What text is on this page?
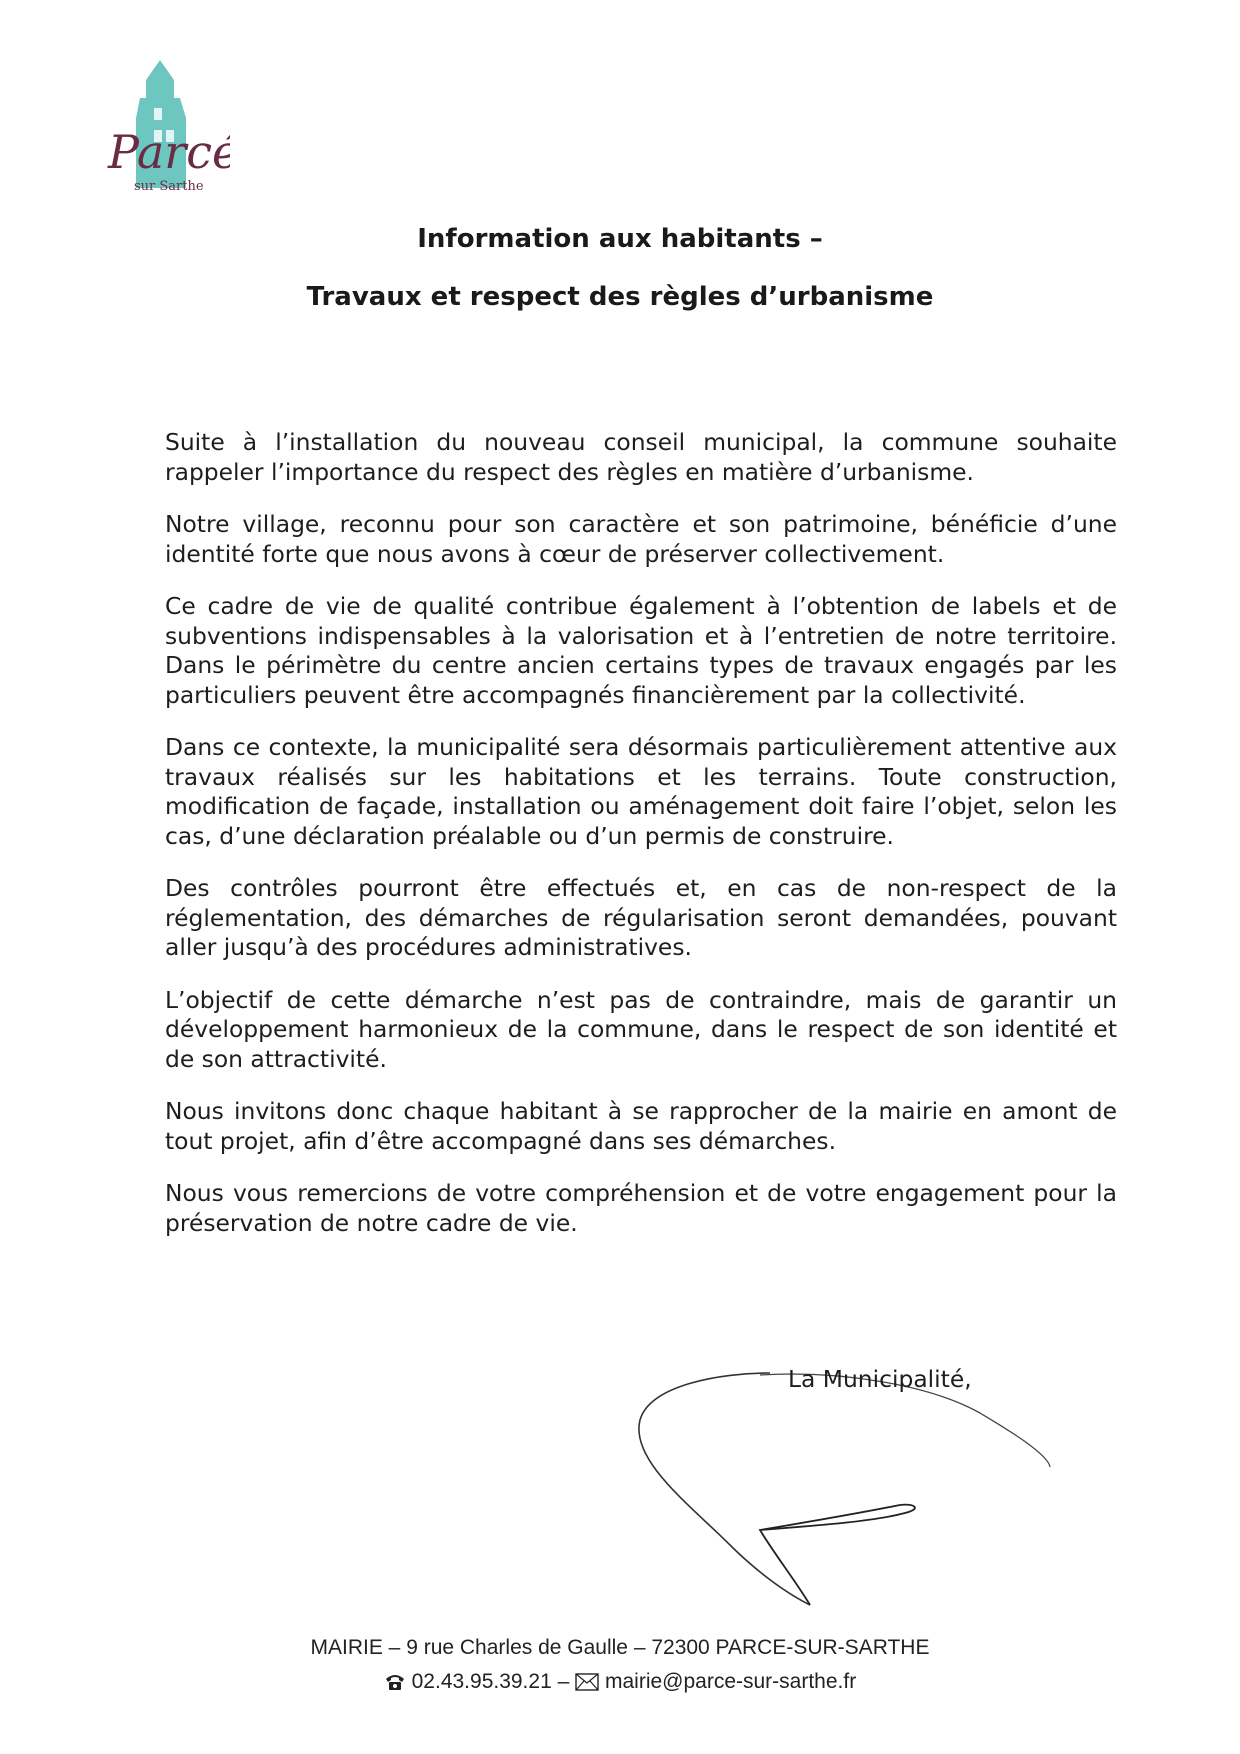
Parcé
sur Sarthe
Information aux habitants –
Travaux et respect des règles d’urbanisme

Suite à l’installation du nouveau conseil municipal, la commune souhaite rappeler l’importance du respect des règles en matière d’urbanisme.

Notre village, reconnu pour son caractère et son patrimoine, bénéficie d’une identité forte que nous avons à cœur de préserver collectivement.

Ce cadre de vie de qualité contribue également à l’obtention de labels et de subventions indispensables à la valorisation et à l’entretien de notre territoire. Dans le périmètre du centre ancien certains types de travaux engagés par les particuliers peuvent être accompagnés financièrement par la collectivité.

Dans ce contexte, la municipalité sera désormais particulièrement attentive aux travaux réalisés sur les habitations et les terrains. Toute construction, modification de façade, installation ou aménagement doit faire l’objet, selon les cas, d’une déclaration préalable ou d’un permis de construire.

Des contrôles pourront être effectués et, en cas de non-respect de la réglementation, des démarches de régularisation seront demandées, pouvant aller jusqu’à des procédures administratives.

L’objectif de cette démarche n’est pas de contraindre, mais de garantir un développement harmonieux de la commune, dans le respect de son identité et de son attractivité.

Nous invitons donc chaque habitant à se rapprocher de la mairie en amont de tout projet, afin d’être accompagné dans ses démarches.

Nous vous remercions de votre compréhension et de votre engagement pour la préservation de notre cadre de vie.

La Municipalité,
MAIRIE – 9 rue Charles de Gaulle – 72300 PARCE-SUR-SARTHE
02.43.95.39.21 – mairie@parce-sur-sarthe.fr
